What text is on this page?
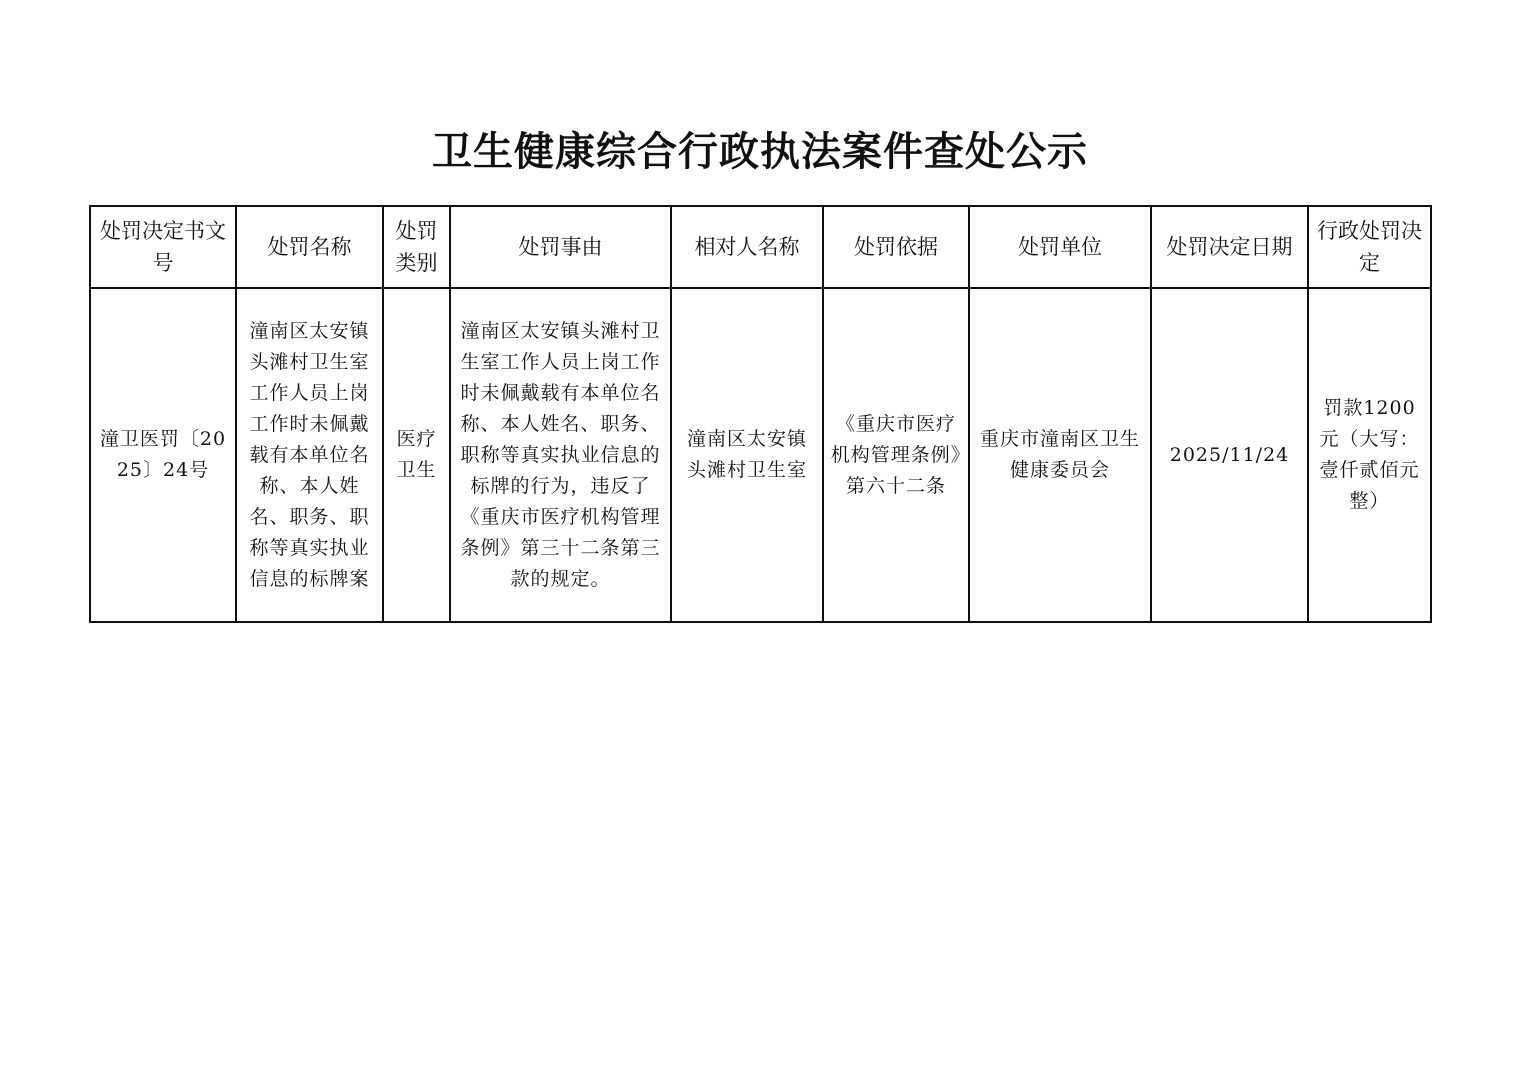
卫生健康综合行政执法案件查处公示
处罚决定书文号	处罚名称	处罚类别	处罚事由	相对人名称	处罚依据	处罚单位	处罚决定日期	行政处罚决定
潼卫医罚〔2025〕24号	潼南区太安镇头滩村卫生室工作人员上岗工作时未佩戴载有本单位名称、本人姓名、职务、职称等真实执业信息的标牌案	医疗卫生	潼南区太安镇头滩村卫生室工作人员上岗工作时未佩戴载有本单位名称、本人姓名、职务、职称等真实执业信息的标牌的行为，违反了《重庆市医疗机构管理条例》第三十二条第三款的规定。	潼南区太安镇头滩村卫生室	《重庆市医疗机构管理条例》第六十二条	重庆市潼南区卫生健康委员会	2025/11/24	罚款1200元（大写：壹仟贰佰元整）
